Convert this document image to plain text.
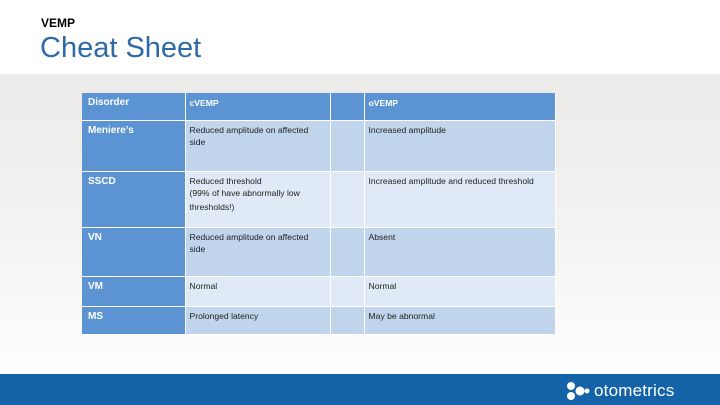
VEMP
Cheat Sheet
Disorder	cVEMP		oVEMP
Meniere’s	Reduced amplitude on affected side		Increased amplitude
SSCD	Reduced threshold
(99% of have abnormally low
thresholds!)		Increased amplitude and reduced threshold
VN	Reduced amplitude on affected side		Absent
VM	Normal		Normal
MS	Prolonged latency		May be abnormal
otometrics
